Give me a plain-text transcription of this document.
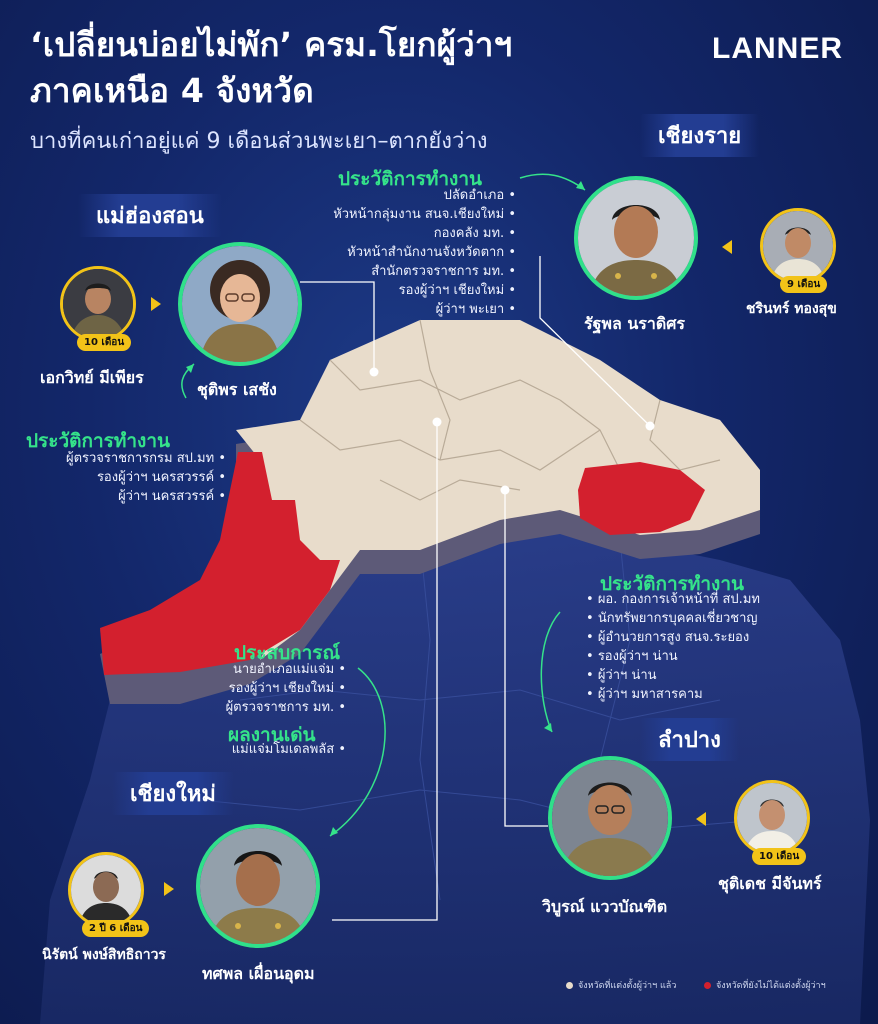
‘เปลี่ยนบ่อยไม่พัก’ ครม.โยกผู้ว่าฯ
ภาคเหนือ 4 จังหวัด
บางที่คนเก่าอยู่แค่ 9 เดือนส่วนพะเยา–ตากยังว่าง
LANNER
แม่ฮ่องสอน
ชุติพร เสชัง
10 เดือน
เอกวิทย์ มีเพียร
ประวัติการทำงาน
ผู้ตรวจราชการกรม สป.มท •
รองผู้ว่าฯ นครสวรรค์ •
ผู้ว่าฯ นครสวรรค์ •
เชียงราย
ประวัติการทำงาน
ปลัดอำเภอ •
หัวหน้ากลุ่มงาน สนจ.เชียงใหม่ •
กองคลัง มท. •
หัวหน้าสำนักงานจังหวัดตาก •
สำนักตรวจราชการ มท. •
รองผู้ว่าฯ เชียงใหม่ •
ผู้ว่าฯ พะเยา •
รัฐพล นราดิศร
9 เดือน
ชรินทร์ ทองสุข
ประวัติการทำงาน
• ผอ. กองการเจ้าหน้าที่ สป.มท
• นักทรัพยากรบุคคลเชี่ยวชาญ
• ผู้อำนวยการสูง สนจ.ระยอง
• รองผู้ว่าฯ น่าน
• ผู้ว่าฯ น่าน
• ผู้ว่าฯ มหาสารคาม
ลำปาง
วิบูรณ์ แววบัณฑิต
10 เดือน
ชุติเดช มีจันทร์
ประสบการณ์
นายอำเภอแม่แจ่ม •
รองผู้ว่าฯ เชียงใหม่ •
ผู้ตรวจราชการ มท. •
ผลงานเด่น
แม่แจ่มโมเดลพลัส •
เชียงใหม่
ทศพล เผื่อนอุดม
2 ปี 6 เดือน
นิรัตน์ พงษ์สิทธิถาวร
จังหวัดที่แต่งตั้งผู้ว่าฯ แล้ว	จังหวัดที่ยังไม่ได้แต่งตั้งผู้ว่าฯ
